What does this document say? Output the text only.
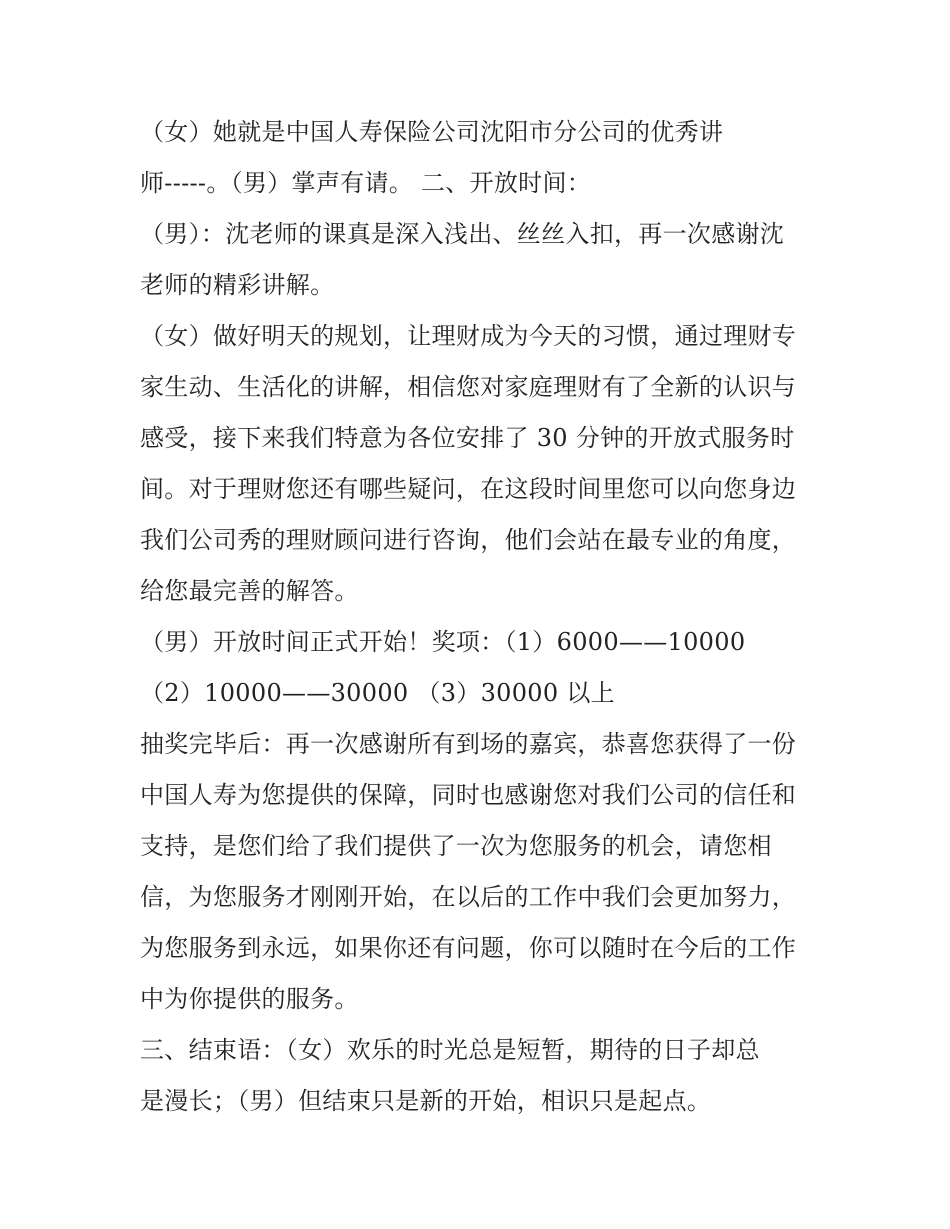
（女）她就是中国人寿保险公司沈阳市分公司的优秀讲
师-----。（男）掌声有请。 二、开放时间：
（男）：沈老师的课真是深入浅出、丝丝入扣，再一次感谢沈
老师的精彩讲解。
（女）做好明天的规划，让理财成为今天的习惯，通过理财专
家生动、生活化的讲解，相信您对家庭理财有了全新的认识与
感受，接下来我们特意为各位安排了 30 分钟的开放式服务时
间。对于理财您还有哪些疑问，在这段时间里您可以向您身边
我们公司秀的理财顾问进行咨询，他们会站在最专业的角度，
给您最完善的解答。
（男）开放时间正式开始！奖项：（1）6000——10000
（2）10000——30000 （3）30000 以上
抽奖完毕后：再一次感谢所有到场的嘉宾，恭喜您获得了一份
中国人寿为您提供的保障，同时也感谢您对我们公司的信任和
支持，是您们给了我们提供了一次为您服务的机会，请您相
信，为您服务才刚刚开始，在以后的工作中我们会更加努力，
为您服务到永远，如果你还有问题，你可以随时在今后的工作
中为你提供的服务。
三、结束语：（女）欢乐的时光总是短暂，期待的日子却总
是漫长；（男）但结束只是新的开始，相识只是起点。
